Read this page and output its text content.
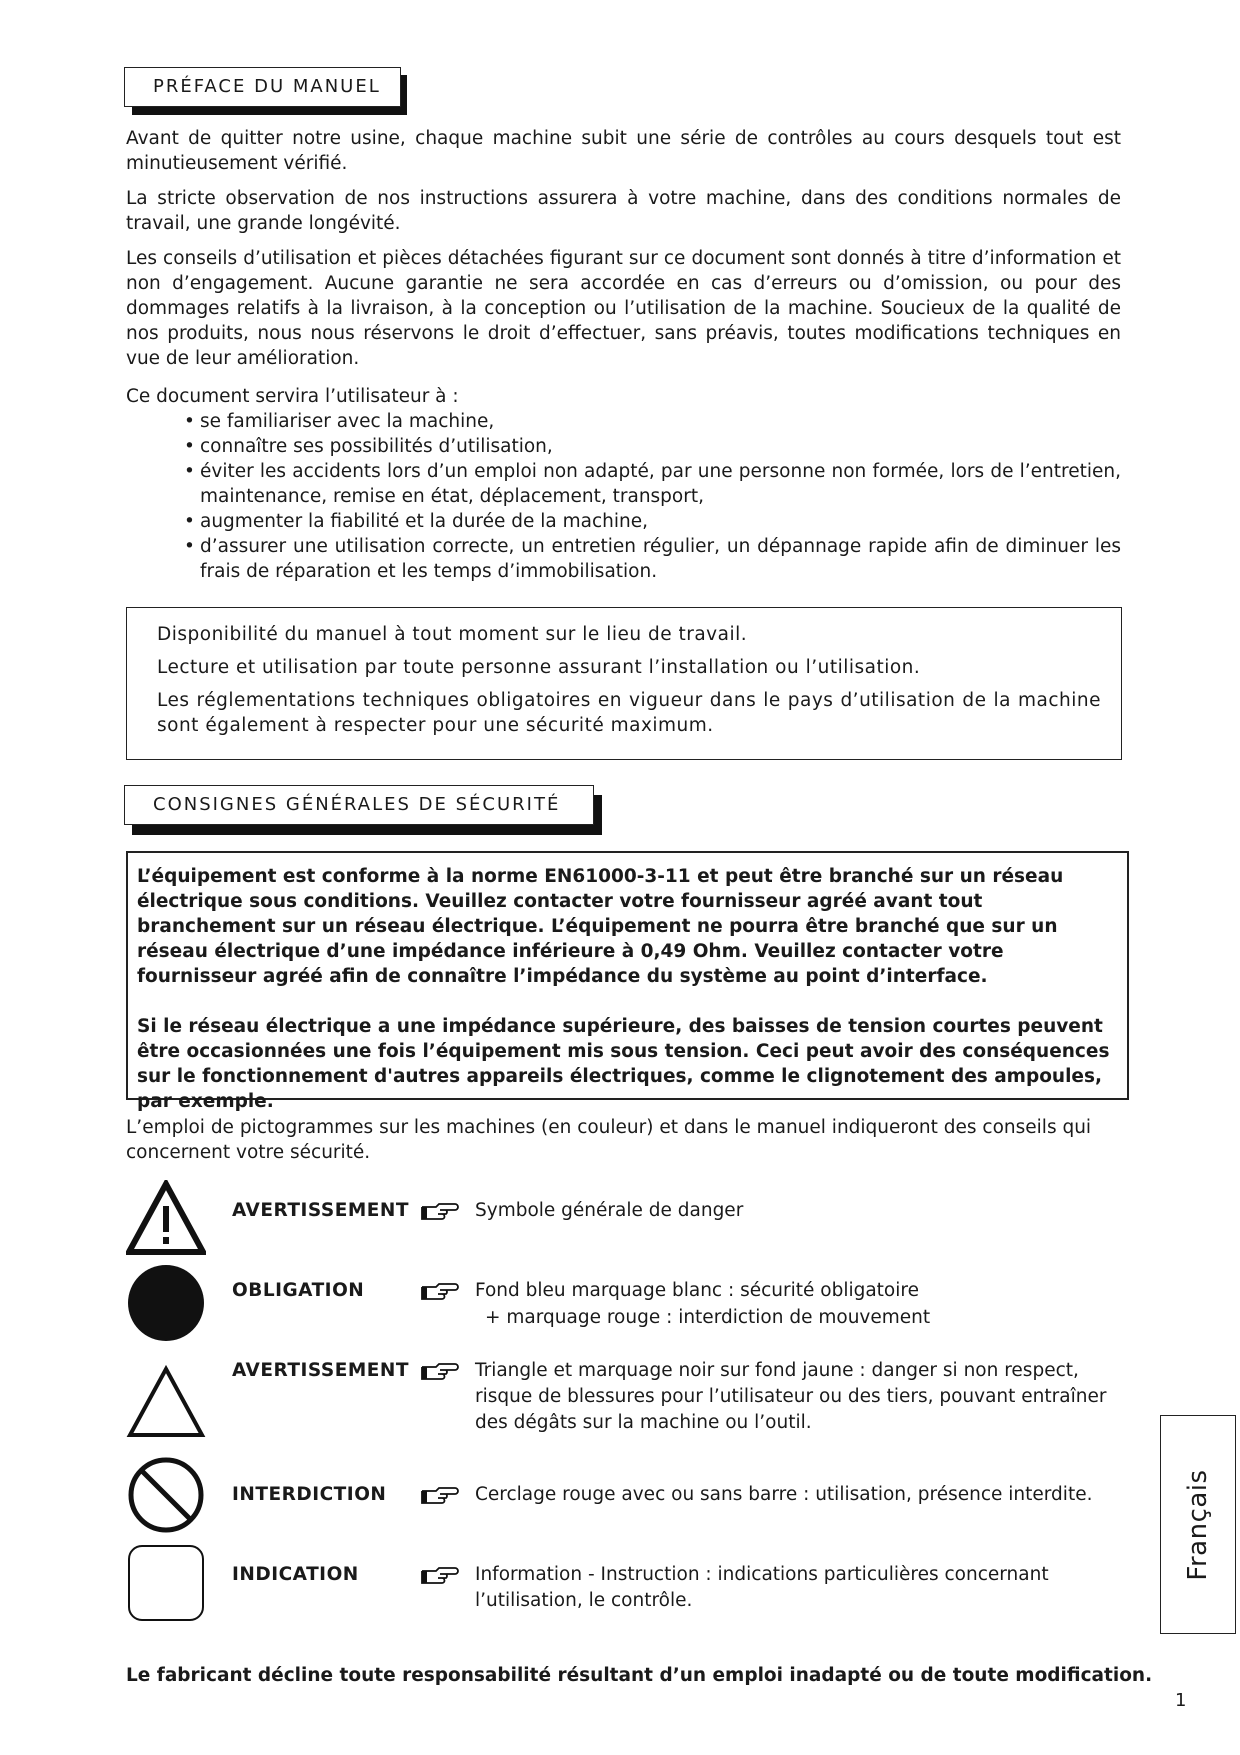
PRÉFACE DU MANUEL

Avant de quitter notre usine, chaque machine subit une série de contrôles au cours desquels tout est minutieusement vérifié.

La stricte observation de nos instructions assurera à votre machine, dans des conditions normales de travail, une grande longévité.

Les conseils d’utilisation et pièces détachées figurant sur ce document sont donnés à titre d’information et non d’engagement. Aucune garantie ne sera accordée en cas d’erreurs ou d’omission, ou pour des dommages relatifs à la livraison, à la conception ou l’utilisation de la machine. Soucieux de la qualité de nos produits, nous nous réservons le droit d’effectuer, sans préavis, toutes modifications techniques en vue de leur amélioration.

Ce document servira l’utilisateur à :

• se familiariser avec la machine,
• connaître ses possibilités d’utilisation,
• éviter les accidents lors d’un emploi non adapté, par une personne non formée, lors de l’entretien, maintenance, remise en état, déplacement, transport,
• augmenter la fiabilité et la durée de la machine,
• d’assurer une utilisation correcte, un entretien régulier, un dépannage rapide afin de diminuer les frais de réparation et les temps d’immobilisation.

Disponibilité du manuel à tout moment sur le lieu de travail.

Lecture et utilisation par toute personne assurant l’installation ou l’utilisation.

Les réglementations techniques obligatoires en vigueur dans le pays d’utilisation de la machine sont également à respecter pour une sécurité maximum.

CONSIGNES GÉNÉRALES DE SÉCURITÉ

L’équipement est conforme à la norme EN61000-3-11 et peut être branché sur un réseau électrique sous conditions. Veuillez contacter votre fournisseur agréé avant tout branchement sur un réseau électrique. L’équipement ne pourra être branché que sur un réseau électrique d’une impédance inférieure à 0,49 Ohm. Veuillez contacter votre fournisseur agréé afin de connaître l’impédance du système au point d’interface.

Si le réseau électrique a une impédance supérieure, des baisses de tension courtes peuvent être occasionnées une fois l’équipement mis sous tension. Ceci peut avoir des conséquences sur le fonctionnement d'autres appareils électriques, comme le clignotement des ampoules, par exemple.

L’emploi de pictogrammes sur les machines (en couleur) et dans le manuel indiqueront des conseils qui concernent votre sécurité.

AVERTISSEMENT	Symbole générale de danger
OBLIGATION	Fond bleu marquage blanc : sécurité obligatoire
+ marquage rouge : interdiction de mouvement
AVERTISSEMENT	Triangle et marquage noir sur fond jaune : danger si non respect, risque de blessures pour l’utilisateur ou des tiers, pouvant entraîner des dégâts sur la machine ou l’outil.
INTERDICTION	Cerclage rouge avec ou sans barre : utilisation, présence interdite.
INDICATION	Information - Instruction : indications particulières concernant l’utilisation, le contrôle.
Français
Le fabricant décline toute responsabilité résultant d’un emploi inadapté ou de toute modification.
1
